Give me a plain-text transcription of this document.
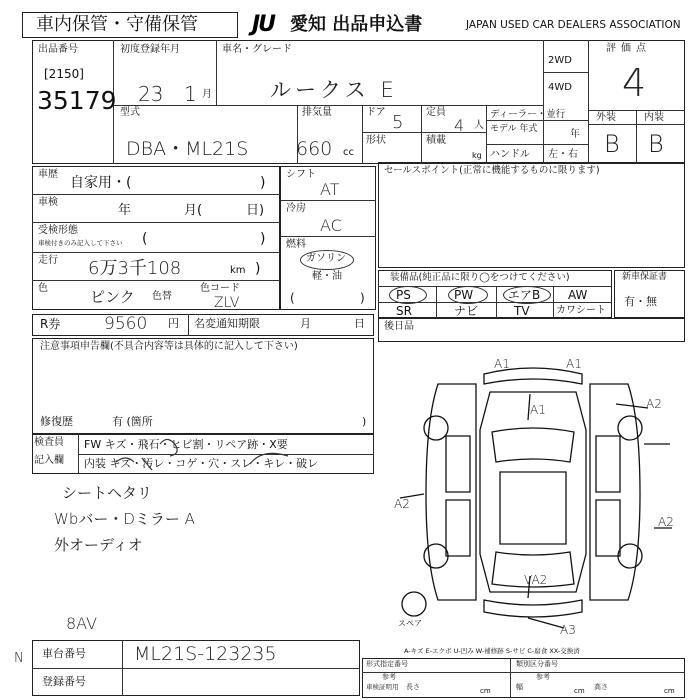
車内保管・守備保管 JU 愛知 出品申込書	JAPAN USED CAR DEALERS ASSOCIATION
出品番号
[2150]
35179
初度登録年月
23 1 月
車名・グレード
ルークス E
2WD
4WD
型式
DBA・ML21S
排気量
660 cc
ドア 5
形状
定員
4 人
積載
kg
ディーラー・並行
モデル 年式	年
ハンドル 左・右
評価点
4
外装	内装
B B
車歴
自家用・(	)
車検
年	月(	日)
受検形態
車検付きのみ記入して下さい (	)
走行 6万3千108	km
色	ピンク 色替
色コード
ZLV
シフト
AT
冷房
AC
燃料
ガソリン
軽・油
(	)
セールスポイント(正常に機能するものに限ります)
装備品(純正品に限り◯をつけてください)
PS	PW	エアB AW
SR	ナビ	TV	カワシート
新車保証書
有・無
R券	9560 円 名変通知期限	月	日
注意事項申告欄(不具合内容等は具体的に記入して下さい)
修復歴	有 (箇所	)
後日品
検査員
記入欄
FW キズ・飛石・ヒビ割・リペア跡・X要
内装 キズ・汚レ・コゲ・穴・スレ・キレ・破レ
シートヘタリ
Wbバー・Dミラー A
外オーディオ
8AV
N
A1	A1
A1	A2
A2
A2
VA2
A3
スペア
A-キズ E-エクボ U-凹み W-補修跡 S-サビ C-腐食 XX-交換済
車台番号	ML21S-123235
登録番号
形式指定番号	類別区分番号
参考	参考
車検証明用 長さ	cm	幅	cm 高さ	cm
)
